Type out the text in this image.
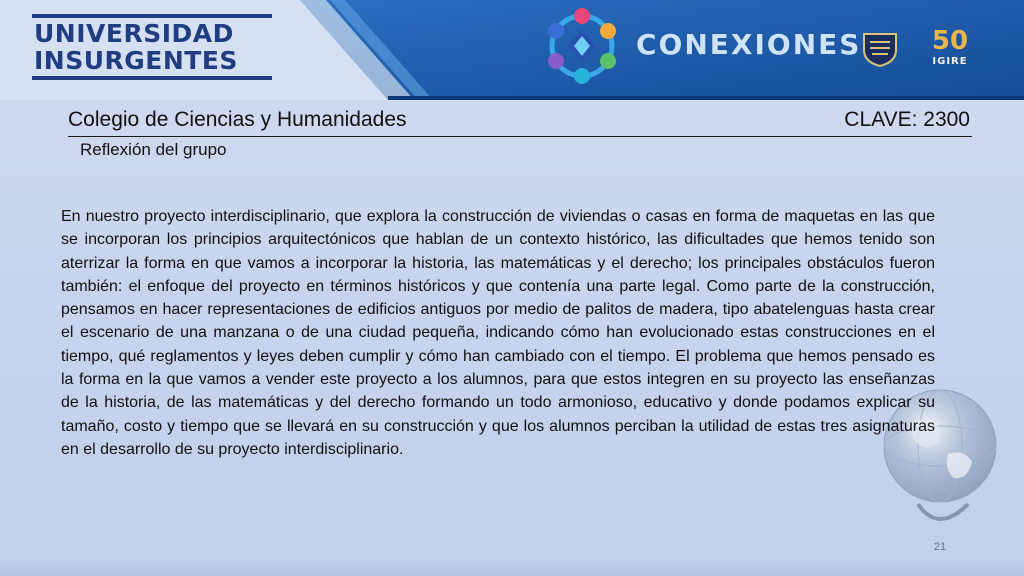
UNIVERSIDAD
INSURGENTES	CONEXIONES	50
IGIRE
Colegio de Ciencias y Humanidades	CLAVE: 2300
Reflexión del grupo
En nuestro proyecto interdisciplinario, que explora la construcción de viviendas o casas en forma de maquetas en las que se incorporan los principios arquitectónicos que hablan de un contexto histórico, las dificultades que hemos tenido son aterrizar la forma en que vamos a incorporar la historia, las matemáticas y el derecho; los principales obstáculos fueron también: el enfoque del proyecto en términos históricos y que contenía una parte legal. Como parte de la construcción, pensamos en hacer representaciones de edificios antiguos por medio de palitos de madera, tipo abatelenguas hasta crear el escenario de una manzana o de una ciudad pequeña, indicando cómo han evolucionado estas construcciones en el tiempo, qué reglamentos y leyes deben cumplir y cómo han cambiado con el tiempo. El problema que hemos pensado es la forma en la que vamos a vender este proyecto a los alumnos, para que estos integren en su proyecto las enseñanzas de la historia, de las matemáticas y del derecho formando un todo armonioso, educativo y donde podamos explicar su tamaño, costo y tiempo que se llevará en su construcción y que los alumnos perciban la utilidad de estas tres asignaturas en el desarrollo de su proyecto interdisciplinario.
21
